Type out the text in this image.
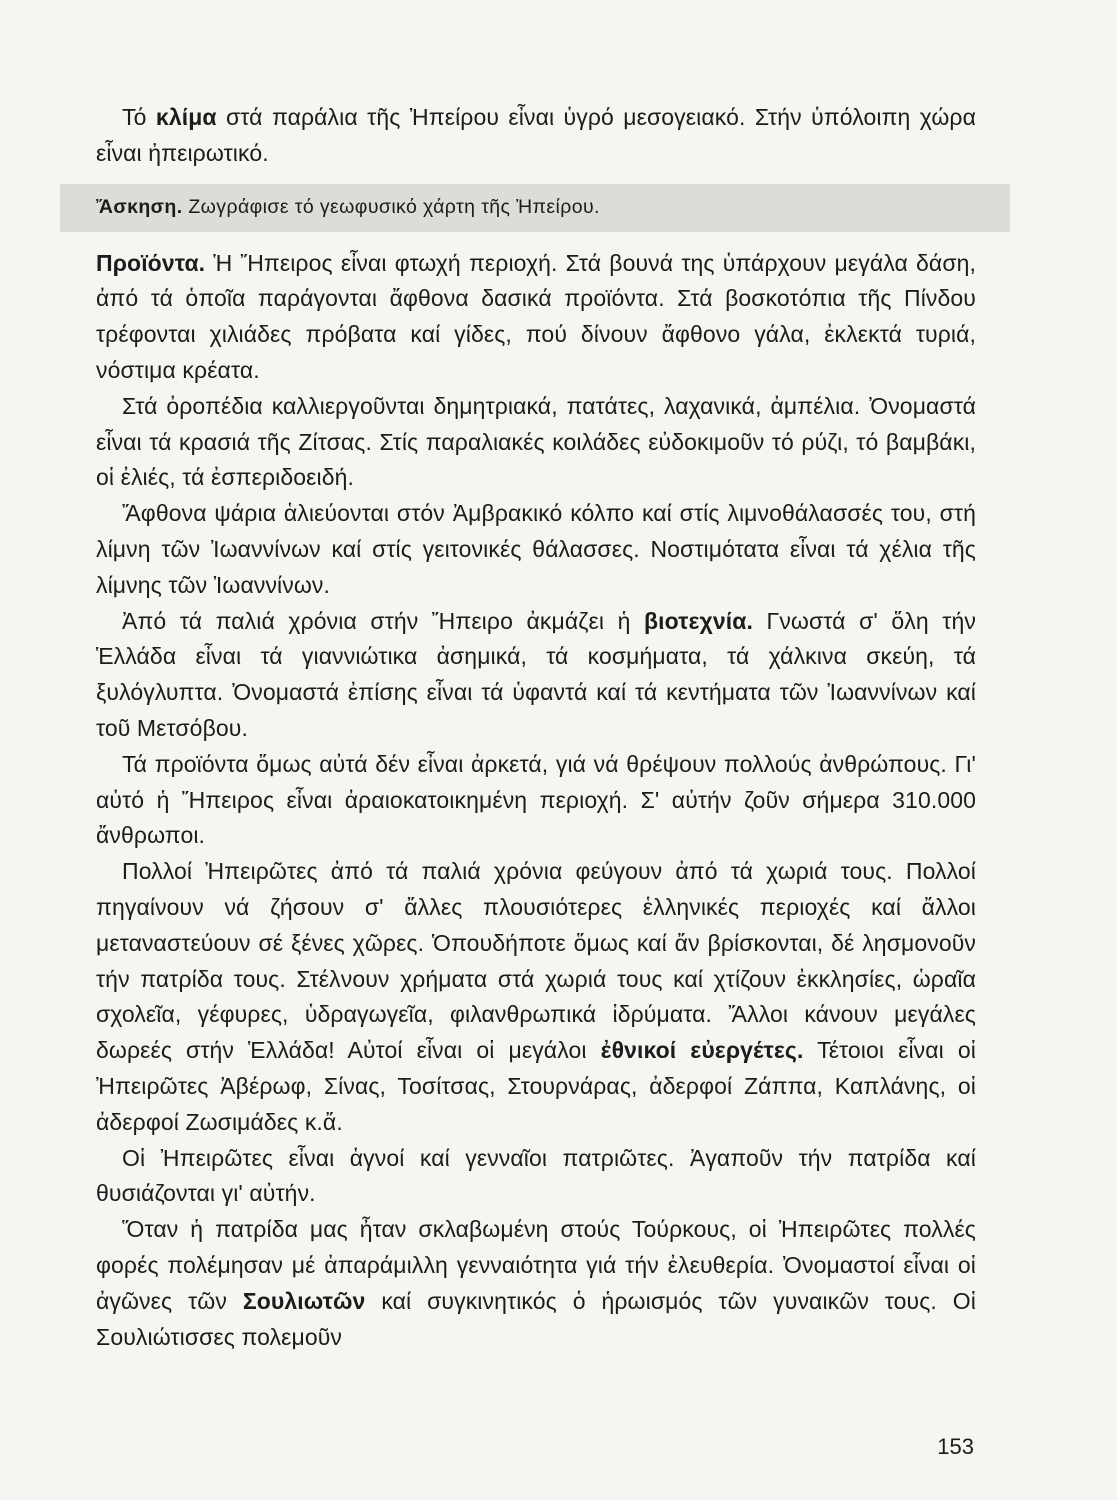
Τό κλίμα στά παράλια τῆς Ἠπείρου εἶναι ὑγρό μεσογειακό. Στήν ὑπόλοιπη χώρα εἶναι ἠπειρωτικό.

Ἄσκηση. Ζωγράφισε τό γεωφυσικό χάρτη τῆς Ἠπείρου.

Προϊόντα. Ἡ Ἤπειρος εἶναι φτωχή περιοχή. Στά βουνά της ὑπάρχουν μεγάλα δάση, ἀπό τά ὁποῖα παράγονται ἄφθονα δασικά προϊόντα. Στά βοσκοτόπια τῆς Πίνδου τρέφονται χιλιάδες πρόβατα καί γίδες, πού δίνουν ἄφθονο γάλα, ἐκλεκτά τυριά, νόστιμα κρέατα.

Στά ὀροπέδια καλλιεργοῦνται δημητριακά, πατάτες, λαχανικά, ἀμπέλια. Ὀνομαστά εἶναι τά κρασιά τῆς Ζίτσας. Στίς παραλιακές κοιλάδες εὐδοκιμοῦν τό ρύζι, τό βαμβάκι, οἱ ἐλιές, τά ἐσπεριδοειδή.

Ἄφθονα ψάρια ἁλιεύονται στόν Ἀμβρακικό κόλπο καί στίς λιμνοθάλασσές του, στή λίμνη τῶν Ἰωαννίνων καί στίς γειτονικές θάλασσες. Νοστιμότατα εἶναι τά χέλια τῆς λίμνης τῶν Ἰωαννίνων.

Ἀπό τά παλιά χρόνια στήν Ἤπειρο ἀκμάζει ἡ βιοτεχνία. Γνωστά σ' ὅλη τήν Ἑλλάδα εἶναι τά γιαννιώτικα ἀσημικά, τά κοσμήματα, τά χάλκινα σκεύη, τά ξυλόγλυπτα. Ὀνομαστά ἐπίσης εἶναι τά ὑφαντά καί τά κεντήματα τῶν Ἰωαννίνων καί τοῦ Μετσόβου.

Τά προϊόντα ὅμως αὐτά δέν εἶναι ἀρκετά, γιά νά θρέψουν πολλούς ἀνθρώπους. Γι' αὐτό ἡ Ἤπειρος εἶναι ἀραιοκατοικημένη περιοχή. Σ' αὐτήν ζοῦν σήμερα 310.000 ἄνθρωποι.

Πολλοί Ἠπειρῶτες ἀπό τά παλιά χρόνια φεύγουν ἀπό τά χωριά τους. Πολλοί πηγαίνουν νά ζήσουν σ' ἄλλες πλουσιότερες ἑλληνικές περιοχές καί ἄλλοι μεταναστεύουν σέ ξένες χῶρες. Ὁπουδήποτε ὅμως καί ἄν βρίσκονται, δέ λησμονοῦν τήν πατρίδα τους. Στέλνουν χρήματα στά χωριά τους καί χτίζουν ἐκκλησίες, ὡραῖα σχολεῖα, γέφυρες, ὑδραγωγεῖα, φιλανθρωπικά ἱδρύματα. Ἄλλοι κάνουν μεγάλες δωρεές στήν Ἑλλάδα! Αὐτοί εἶναι οἱ μεγάλοι ἐθνικοί εὐεργέτες. Τέτοιοι εἶναι οἱ Ἠπειρῶτες Ἀβέρωφ, Σίνας, Τοσίτσας, Στουρνάρας, ἀδερφοί Ζάππα, Καπλάνης, οἱ ἀδερφοί Ζωσιμάδες κ.ἄ.

Οἱ Ἠπειρῶτες εἶναι ἁγνοί καί γενναῖοι πατριῶτες. Ἀγαποῦν τήν πατρίδα καί θυσιάζονται γι' αὐτήν.

Ὅταν ἡ πατρίδα μας ἦταν σκλαβωμένη στούς Τούρκους, οἱ Ἠπειρῶτες πολλές φορές πολέμησαν μέ ἀπαράμιλλη γενναιότητα γιά τήν ἐλευθερία. Ὀνομαστοί εἶναι οἱ ἀγῶνες τῶν Σουλιωτῶν καί συγκινητικός ὁ ἡρωισμός τῶν γυναικῶν τους. Οἱ Σουλιώτισσες πολεμοῦν

153
